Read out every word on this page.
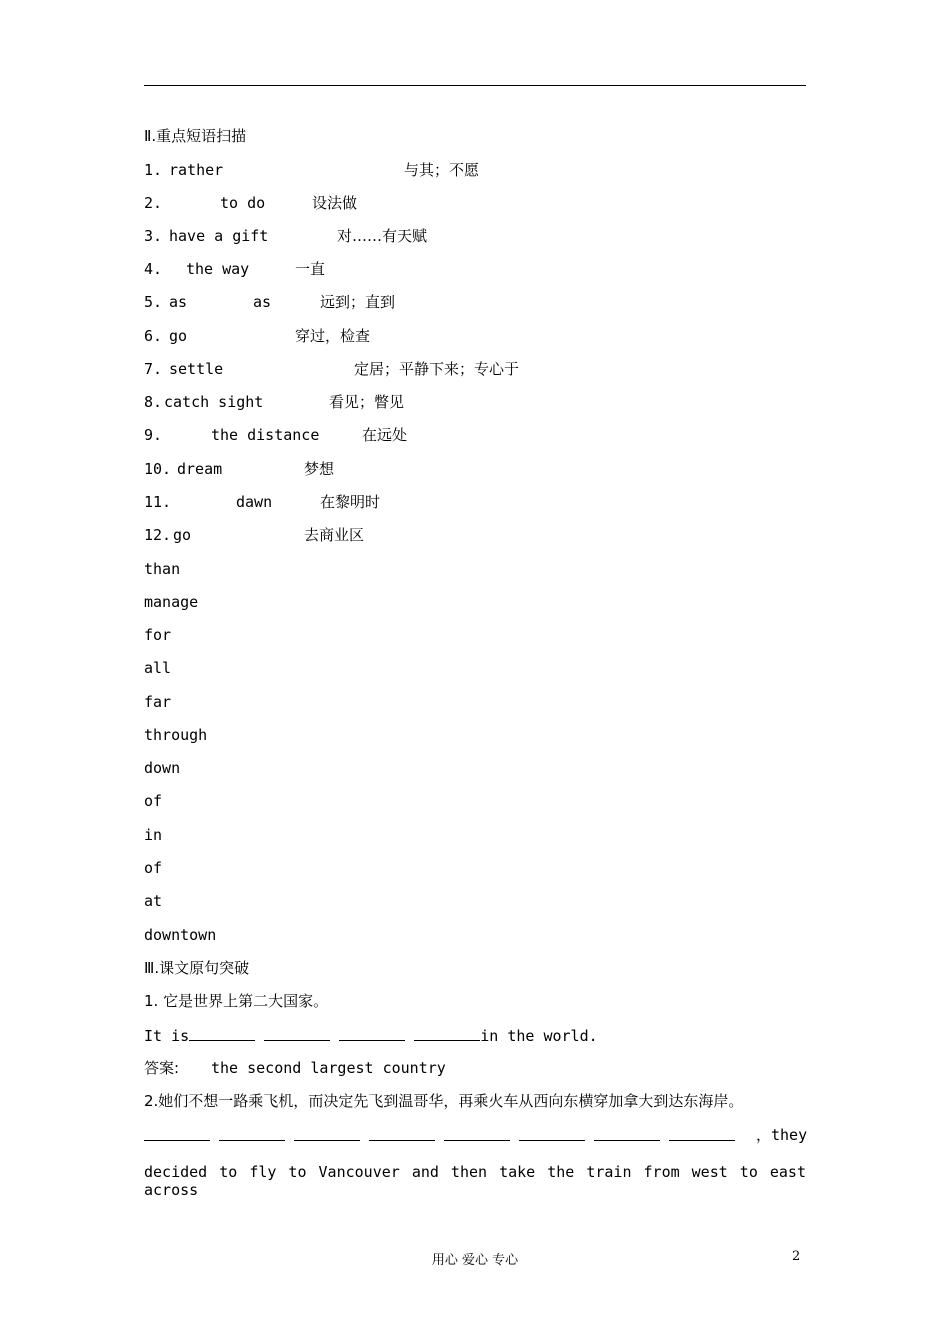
Ⅱ.重点短语扫描
1. rather	与其；不愿
2.	to do	设法做
3. have a gift	对……有天赋
4. the way	一直
5. as	as	远到；直到
6. go	穿过，检查
7. settle	定居；平静下来；专心于
8. catch sight	看见；瞥见
9.	the distance	在远处
10. dream	梦想
11.	dawn	在黎明时
12. go	去商业区
than
manage
for
all
far
through
down
of
in
of
at
downtown
Ⅲ.课文原句突破
1. 它是世界上第二大国家。
It is	in the world.
答案: the second largest country
2.她们不想一路乘飞机，而决定先飞到温哥华，再乘火车从西向东横穿加拿大到达东海岸。

，they
decided to fly to Vancouver and then take the train from west to east across
用心 爱心 专心	2
